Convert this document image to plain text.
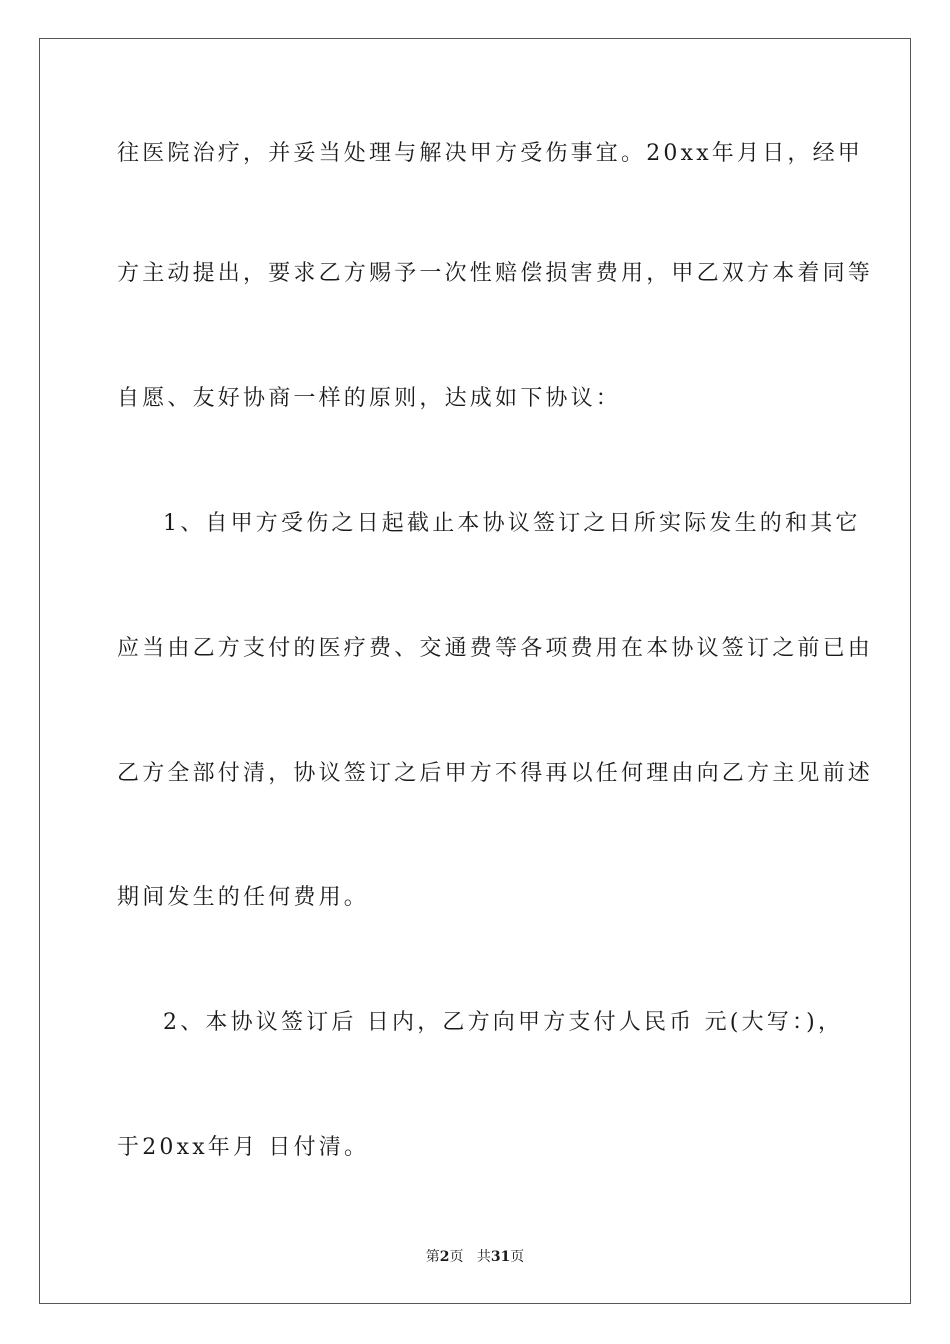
往医院治疗，并妥当处理与解决甲方受伤事宜。20xx年月日，经甲
方主动提出，要求乙方赐予一次性赔偿损害费用，甲乙双方本着同等
自愿、友好协商一样的原则，达成如下协议：
1、自甲方受伤之日起截止本协议签订之日所实际发生的和其它
应当由乙方支付的医疗费、交通费等各项费用在本协议签订之前已由
乙方全部付清，协议签订之后甲方不得再以任何理由向乙方主见前述
期间发生的任何费用。
2、本协议签订后 日内，乙方向甲方支付人民币 元(大写：)，
于20xx年月 日付清。
第2页 共31页
